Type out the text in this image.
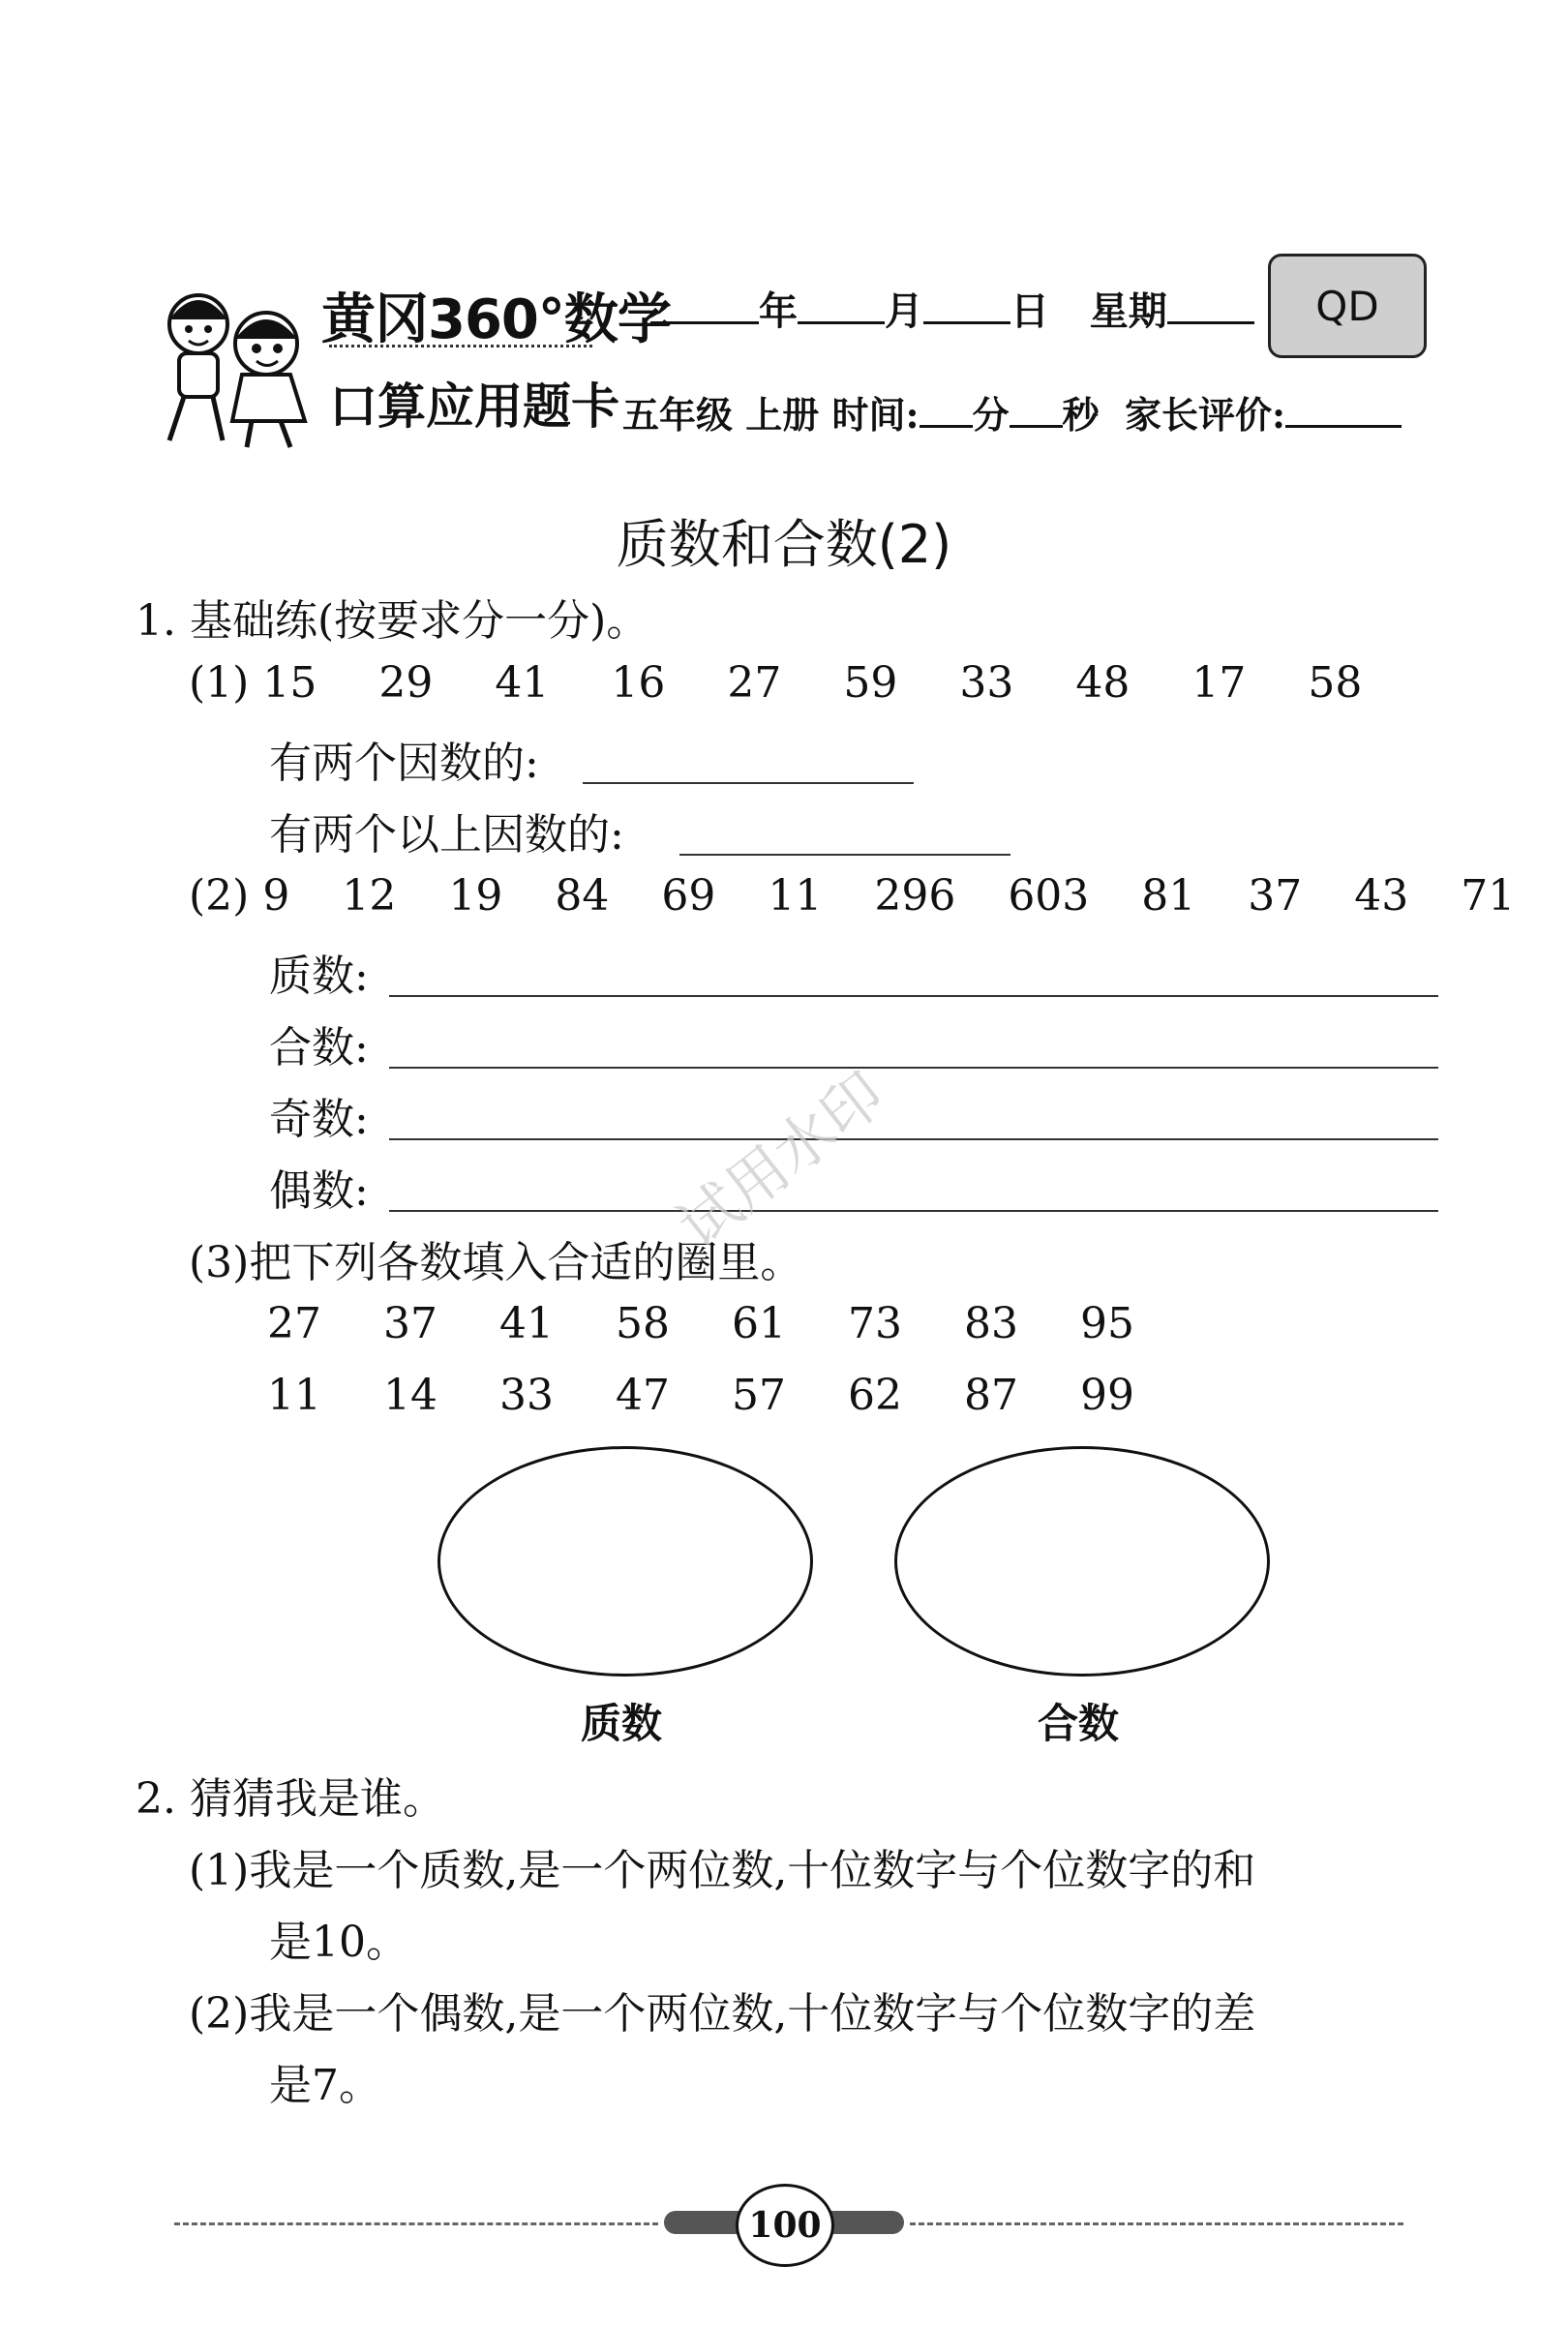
黄冈360°数学
口算应用题卡
年 月 日 星期	QD
五年级 上册 时间: 分 秒 家长评价:
质数和合数(2)
1. 基础练(按要求分一分)。
(1) 15 29 41 16 27 59 33 48 17 58
有两个因数的:
有两个以上因数的:
(2) 9 12 19 84 69 11 296 603 81 37 43 71
质数:
合数:
奇数:
偶数:
(3)把下列各数填入合适的圈里。
27 37 41 58 61 73 83 95
11 14 33 47 57 62 87 99
质数	合数
2. 猜猜我是谁。
(1)我是一个质数,是一个两位数,十位数字与个位数字的和
是10。
(2)我是一个偶数,是一个两位数,十位数字与个位数字的差
是7。
试用水印
100
